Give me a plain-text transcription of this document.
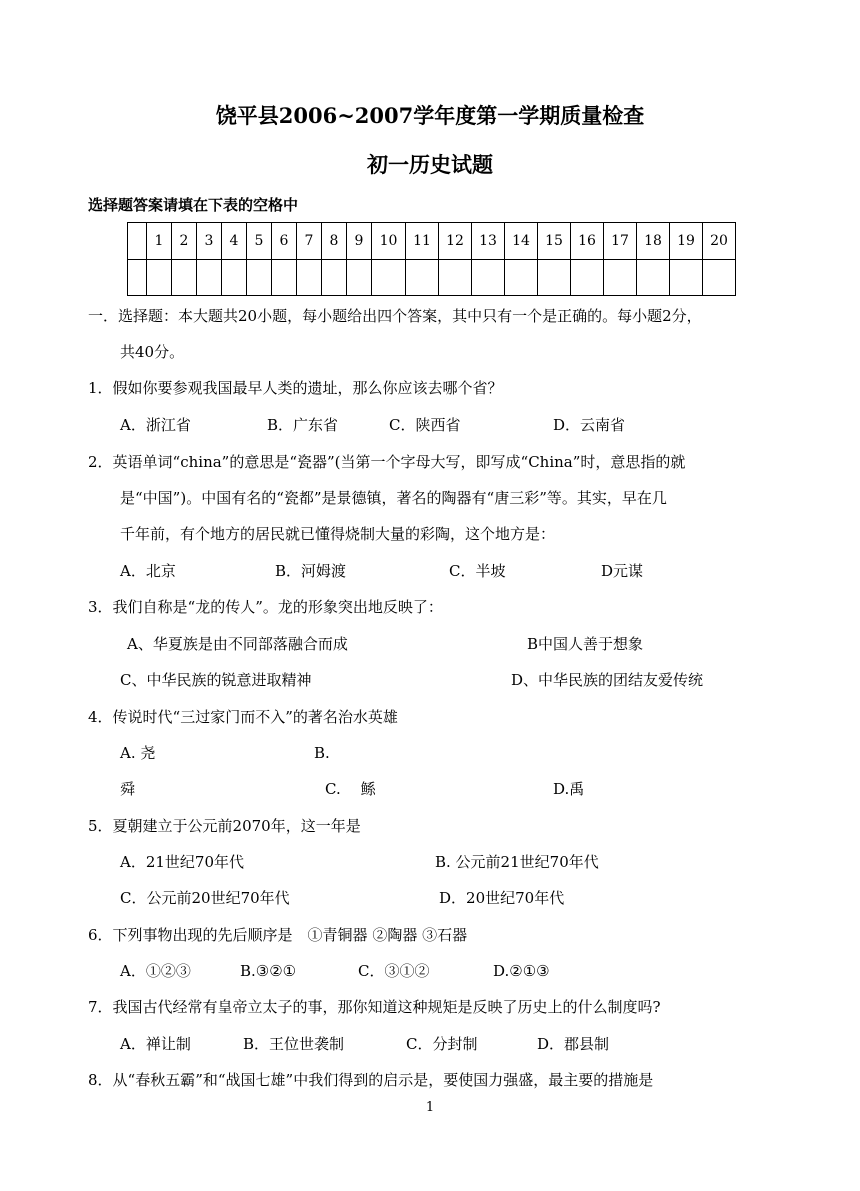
饶平县2006~2007学年度第一学期质量检查
初一历史试题
选择题答案请填在下表的空格中
	1	2	3	4	5	6	7	8	9	10	11	12	13	14	15	16	17	18	19	20

一．选择题：本大题共20小题，每小题给出四个答案，其中只有一个是正确的。每小题2分，
共40分。
1．假如你要参观我国最早人类的遗址，那么你应该去哪个省？
A．浙江省	B．广东省	C．陕西省	D．云南省
2．英语单词“china”的意思是“瓷器”(当第一个字母大写，即写成“China”时，意思指的就
是“中国”)。中国有名的“瓷都”是景德镇，著名的陶器有“唐三彩”等。其实，早在几
千年前，有个地方的居民就已懂得烧制大量的彩陶，这个地方是：
A．北京	B．河姆渡	C．半坡	D元谋
3．我们自称是“龙的传人”。龙的形象突出地反映了：
A、华夏族是由不同部落融合而成	B中国人善于想象
C、中华民族的锐意进取精神	D、中华民族的团结友爱传统
4．传说时代“三过家门而不入”的著名治水英雄
A. 尧	B.
舜	C.　 鲧	D.禹
5．夏朝建立于公元前2070年，这一年是
A．21世纪70年代	B. 公元前21世纪70年代
C．公元前20世纪70年代	D．20世纪70年代
6．下列事物出现的先后顺序是　①青铜器 ②陶器 ③石器
A．①②③	B.③②①	C．③①②	D.②①③
7．我国古代经常有皇帝立太子的事，那你知道这种规矩是反映了历史上的什么制度吗?
A．禅让制	B．王位世袭制	C．分封制	D．郡县制
8．从“春秋五霸”和“战国七雄”中我们得到的启示是，要使国力强盛，最主要的措施是
1
